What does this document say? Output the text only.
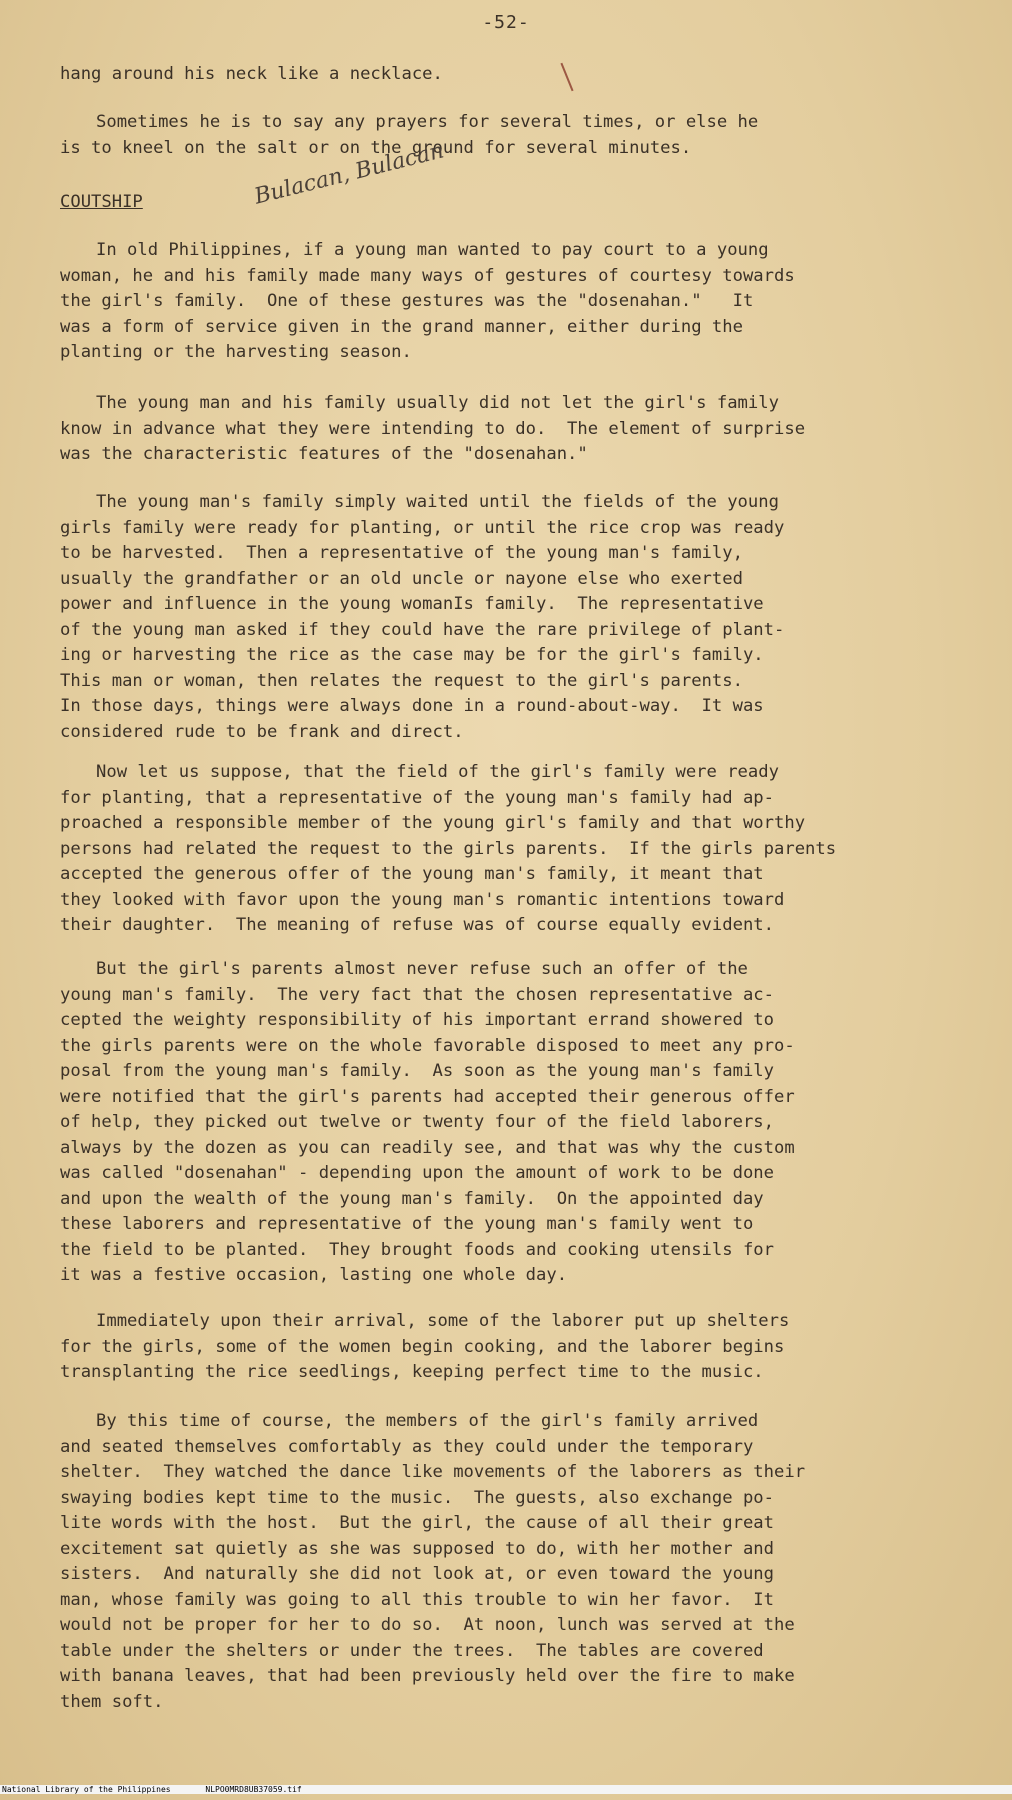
-52-
hang around his neck like a necklace.
Sometimes he is to say any prayers for several times, or else he
is to kneel on the salt or on the ground for several minutes.
COUTSHIP	Bulacan, Bulacan
In old Philippines, if a young man wanted to pay court to a young
woman, he and his family made many ways of gestures of courtesy towards
the girl's family.  One of these gestures was the "dosenahan."   It
was a form of service given in the grand manner, either during the
planting or the harvesting season.
The young man and his family usually did not let the girl's family
know in advance what they were intending to do.  The element of surprise
was the characteristic features of the "dosenahan."
The young man's family simply waited until the fields of the young
girls family were ready for planting, or until the rice crop was ready
to be harvested.  Then a representative of the young man's family,
usually the grandfather or an old uncle or nayone else who exerted
power and influence in the young womanIs family.  The representative
of the young man asked if they could have the rare privilege of plant-
ing or harvesting the rice as the case may be for the girl's family.
This man or woman, then relates the request to the girl's parents.
In those days, things were always done in a round-about-way.  It was
considered rude to be frank and direct.
Now let us suppose, that the field of the girl's family were ready
for planting, that a representative of the young man's family had ap-
proached a responsible member of the young girl's family and that worthy
persons had related the request to the girls parents.  If the girls parents
accepted the generous offer of the young man's family, it meant that
they looked with favor upon the young man's romantic intentions toward
their daughter.  The meaning of refuse was of course equally evident.
But the girl's parents almost never refuse such an offer of the
young man's family.  The very fact that the chosen representative ac-
cepted the weighty responsibility of his important errand showered to
the girls parents were on the whole favorable disposed to meet any pro-
posal from the young man's family.  As soon as the young man's family
were notified that the girl's parents had accepted their generous offer
of help, they picked out twelve or twenty four of the field laborers,
always by the dozen as you can readily see, and that was why the custom
was called "dosenahan" - depending upon the amount of work to be done
and upon the wealth of the young man's family.  On the appointed day
these laborers and representative of the young man's family went to
the field to be planted.  They brought foods and cooking utensils for
it was a festive occasion, lasting one whole day.
Immediately upon their arrival, some of the laborer put up shelters
for the girls, some of the women begin cooking, and the laborer begins
transplanting the rice seedlings, keeping perfect time to the music.
By this time of course, the members of the girl's family arrived
and seated themselves comfortably as they could under the temporary
shelter.  They watched the dance like movements of the laborers as their
swaying bodies kept time to the music.  The guests, also exchange po-
lite words with the host.  But the girl, the cause of all their great
excitement sat quietly as she was supposed to do, with her mother and
sisters.  And naturally she did not look at, or even toward the young
man, whose family was going to all this trouble to win her favor.  It
would not be proper for her to do so.  At noon, lunch was served at the
table under the shelters or under the trees.  The tables are covered
with banana leaves, that had been previously held over the fire to make
them soft.
National Library of the Philippines	NLPO0MRD8UB37059.tif
